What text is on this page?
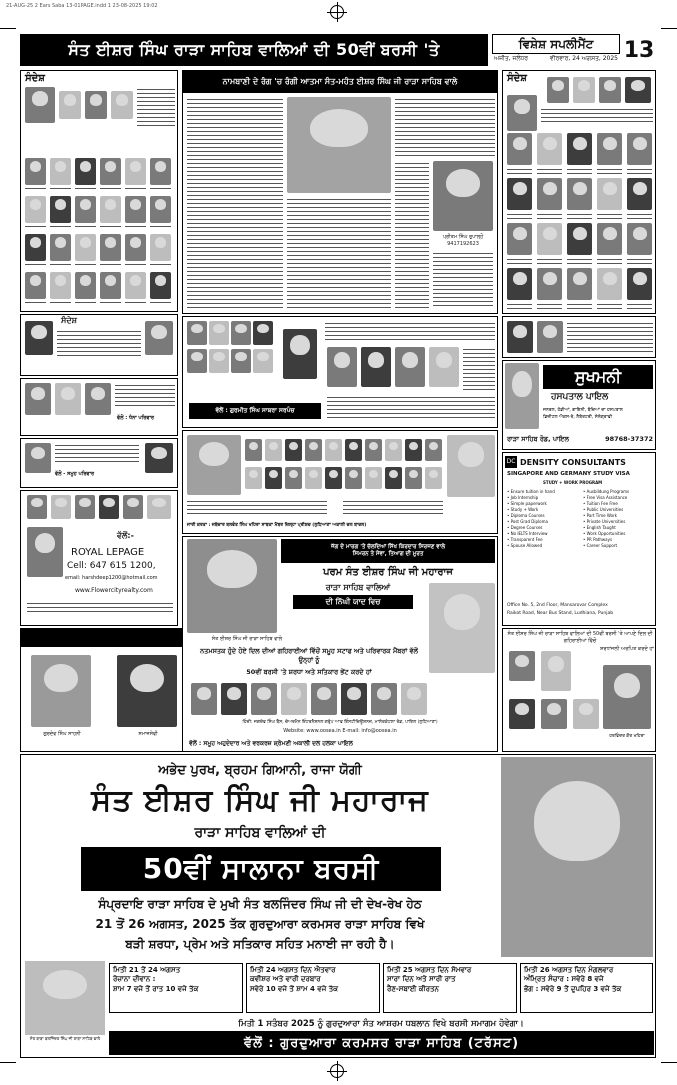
21-AUG-25 2 Ears Saba 13-01PAGE.indd 1 23-08-2025 19:02
ਸੰਤ ਈਸ਼ਰ ਸਿੰਘ ਰਾੜਾ ਸਾਹਿਬ ਵਾਲਿਆਂ ਦੀ 50ਵੀਂ ਬਰਸੀ 'ਤੇ	ਵਿਸ਼ੇਸ਼ ਸਪਲੀਮੈਂਟ	13
ਅਜੀਤ, ਜਲੰਧਰ	ਵੀਰਵਾਰ, 24 ਅਗਸਤ, 2025
ਸੰਦੇਸ਼
ਸੰਦੇਸ਼
ਵੱਲੋਂ : ਧੰਨਾ ਪਰਿਵਾਰ
ਵੱਲੋਂ - ਸਮੂਹ ਪਰਿਵਾਰ
ਵੱਲੋਂ:-
ROYAL LEPAGE
Cell: 647 615 1200,
email: harshdeep1200@hotmail.com
www.Flowercityrealty.com
ਗੁਰਦੇਵ ਸਿੰਘ ਸਾਹਨੀ	ਸਮਾਜਸੇਵੀ
ਨਾਮਬਾਣੀ ਦੇ ਰੰਗ 'ਚ ਰੰਗੀ ਆਤਮਾ ਸੰਤ-ਮਹੰਤ ਈਸ਼ਰ ਸਿੰਘ ਜੀ ਰਾੜਾ ਸਾਹਿਬ ਵਾਲੇ
ਪ੍ਰੀਤਮ ਸਿੰਘ ਰੁਪਾਲ੍ਹੋਂ
9417192623
ਵੱਲੋਂ : ਗੁਰਮੀਤ ਸਿੰਘ ਸਾਬਰਾ ਸਰਪੰਚ
ਸੰਦੇਸ਼
ਸੁਖਮਨੀ
ਹਸਪਤਾਲ ਪਾਇਲ
ਜਨਰਲ, ਹੱਡੀਆਂ, ਗਾਇਨੀ, ਬੱਚਿਆਂ ਦਾ ਹਸਪਤਾਲ
ਡਿਜ਼ੀਟਲ ਐਕਸ-ਰੇ, ਲੈਬੋਰਟਰੀ, ਸੋਨੋਗ੍ਰਾਫੀ
ਰਾੜਾ ਸਾਹਿਬ ਰੋਡ, ਪਾਇਲ	98768-37372
DC DENSITY CONSULTANTS
SINGAPORE AND GERMANY STUDY VISA
STUDY + WORK PROGRAM
• Ensure tuition in hand
• Job Internship
• Simple paperwork
• Study + Work
• Diploma Courses
• Post Grad Diploma
• Degree Courses
• No IELTS Interview
• Transparent Fee
• Spouse Allowed
• Ausbildung Programs
• Free Visa Assistance
• Tuition Fee Free
• Public Universities
• Part Time Work
• Private Universities
• English Taught
• Work Opportunities
• PR Pathways
• Career Support
Office No. 5, 2nd Floor, Mansarovar Complex
Raikot Road, Near Bus Stand, Ludhiana, Punjab
ਜਾਰੀ ਕਰਤਾ : ਜਥੇਦਾਰ ਬਲਵੰਤ ਸਿੰਘ ਖਹਿਰਾ ਸਾਬਕਾ ਮੈਂਬਰ ਜ਼ਿਲ੍ਹਾ ਪ੍ਰੀਸ਼ਦ (ਲੁਧਿਆਣਾ ਅਕਾਲੀ ਦਲ ਬਾਦਲ)
ਜੱਗ ਦੇ ਮਾਰਗ 'ਤੇ ਚੱਲਦਿਆਂ ਸਿੱਖ ਕਿਰਦਾਰ ਸਿਰਜਣ ਵਾਲੇ
ਸਿਮਰਨ ਤੇ ਸੇਵਾ, ਤਿਆਗ ਦੀ ਮੂਰਤ
ਪਰਮ ਸੰਤ ਈਸ਼ਰ ਸਿੰਘ ਜੀ ਮਹਾਰਾਜ
ਰਾੜਾ ਸਾਹਿਬ ਵਾਲਿਆਂ
ਦੀ ਨਿੱਘੀ ਯਾਦ ਵਿਚ
ਸੰਤ ਈਸ਼ਰ ਸਿੰਘ ਜੀ ਰਾੜਾ ਸਾਹਿਬ ਵਾਲੇ
ਨਤਮਸਤਕ ਹੁੰਦੇ ਹੋਏ ਦਿਲ ਦੀਆਂ ਗਹਿਰਾਈਆਂ ਵਿੱਚੋਂ ਸਮੂਹ ਸਟਾਫ ਅਤੇ ਪਰਿਵਾਰਕ ਮੈਂਬਰਾਂ ਵੱਲੋਂ ਉਨ੍ਹਾਂ ਨੂੰ
50ਵੀਂ ਬਰਸੀ 'ਤੇ ਸ਼ਰਧਾ ਅਤੇ ਸਤਿਕਾਰ ਭੇਂਟ ਕਰਦੇ ਹਾਂ
ਹਿੰਦੀ: ਜਗਦੇਵ ਸਿੰਘ ਬੈਂਸ, ਚੇਅਰਮੈਨ ਇੰਟਰਨੈਸ਼ਨਲ ਗਰੁੱਪ ਆਫ ਇੰਸਟੀਚਿਊਸ਼ਨਜ਼, ਮਾਲੇਰਕੋਟਲਾ ਰੋਡ, ਪਾਇਲ (ਲੁਧਿਆਣਾ)
Website: www.oosea.in E-mail: info@oosea.in
ਵੱਲੋਂ : ਸਮੂਹ ਅਹੁਦੇਦਾਰ ਅਤੇ ਵਰਕਰਜ਼ ਸ਼੍ਰੋਮਣੀ ਅਕਾਲੀ ਦਲ ਹਲਕਾ ਪਾਇਲ
ਸੰਤ ਈਸ਼ਰ ਸਿੰਘ ਜੀ ਰਾੜਾ ਸਾਹਿਬ ਵਾਲਿਆਂ ਦੀ 50ਵੀਂ ਬਰਸੀ 'ਤੇ ਆਪਣੇ ਦਿਲ ਦੀ ਗਹਿਰਾਈਆਂ ਵਿੱਚੋਂ
ਸ਼ਰਧਾਂਜਲੀ ਅਰਪਿਤ ਕਰਦੇ ਹਾਂ
ਹਰਵਿੰਦਰ ਕੌਰ ਖਹਿਰਾ
ਅਭੇਦ ਪੁਰਖ, ਬ੍ਰਹਮ ਗਿਆਨੀ, ਰਾਜਾ ਯੋਗੀ
ਸੰਤ ਈਸ਼ਰ ਸਿੰਘ ਜੀ ਮਹਾਰਾਜ
ਰਾੜਾ ਸਾਹਿਬ ਵਾਲਿਆਂ ਦੀ
50ਵੀਂ ਸਾਲਾਨਾ ਬਰਸੀ
ਸੰਪ੍ਰਦਾਇ ਰਾੜਾ ਸਾਹਿਬ ਦੇ ਮੁਖੀ ਸੰਤ ਬਲਜਿੰਦਰ ਸਿੰਘ ਜੀ ਦੀ ਦੇਖ-ਰੇਖ ਹੇਠ
21 ਤੋਂ 26 ਅਗਸਤ, 2025 ਤੱਕ ਗੁਰਦੁਆਰਾ ਕਰਮਸਰ ਰਾੜਾ ਸਾਹਿਬ ਵਿਖੇ
ਬੜੀ ਸ਼ਰਧਾ, ਪ੍ਰੇਮ ਅਤੇ ਸਤਿਕਾਰ ਸਹਿਤ ਮਨਾਈ ਜਾ ਰਹੀ ਹੈ।
ਸੰਤ ਬਾਬਾ ਬਲਜਿੰਦਰ ਸਿੰਘ ਜੀ ਰਾੜਾ ਸਾਹਿਬ ਵਾਲੇ
ਮਿਤੀ 21 ਤੋਂ 24 ਅਗਸਤ
ਰੋਜ਼ਾਨਾ ਦੀਵਾਨ :
ਸ਼ਾਮ 7 ਵਜੇ ਤੋਂ ਰਾਤ 10 ਵਜੇ ਤੱਕ
ਮਿਤੀ 24 ਅਗਸਤ ਦਿਨ ਐਤਵਾਰ
ਕਵੀਸ਼ਰ ਅਤੇ ਵਾਰੀ ਦਰਬਾਰ
ਸਵੇਰੇ 10 ਵਜੇ ਤੋਂ ਸ਼ਾਮ 4 ਵਜੇ ਤੱਕ
ਮਿਤੀ 25 ਅਗਸਤ ਦਿਨ ਸੋਮਵਾਰ
ਸਾਰਾ ਦਿਨ ਅਤੇ ਸਾਰੀ ਰਾਤ
ਰੈਣ-ਸਬਾਈ ਕੀਰਤਨ
ਮਿਤੀ 26 ਅਗਸਤ ਦਿਨ ਮੰਗਲਵਾਰ
ਅੰਮ੍ਰਿਤ ਸੰਚਾਰ : ਸਵੇਰੇ 8 ਵਜੇ
ਭੋਗ : ਸਵੇਰੇ 9 ਤੋਂ ਦੁਪਹਿਰ 3 ਵਜੇ ਤੱਕ
ਮਿਤੀ 1 ਸਤੰਬਰ 2025 ਨੂੰ ਗੁਰਦੁਆਰਾ ਸੰਤ ਆਸ਼ਰਮ ਧਬਲਾਨ ਵਿਖੇ ਬਰਸੀ ਸਮਾਗਮ ਹੋਵੇਗਾ।
ਵੱਲੋਂ : ਗੁਰਦੁਆਰਾ ਕਰਮਸਰ ਰਾੜਾ ਸਾਹਿਬ (ਟਰੱਸਟ)
